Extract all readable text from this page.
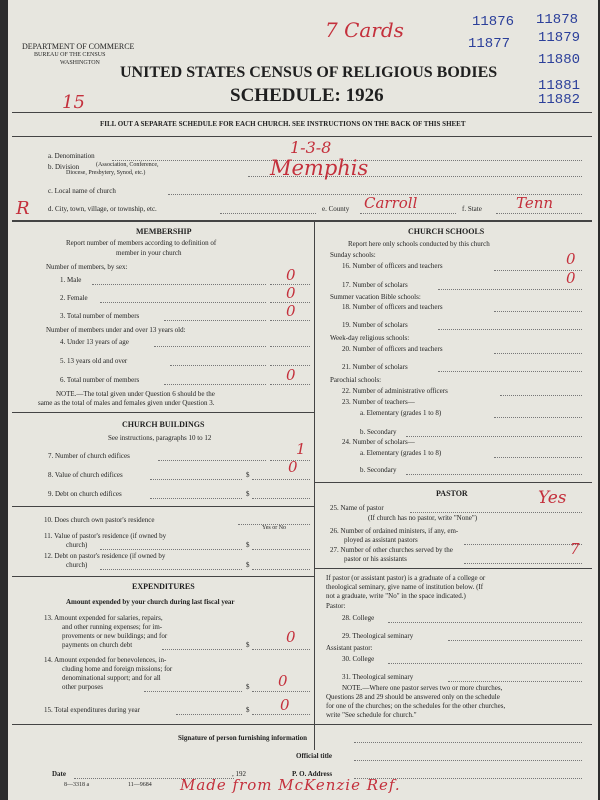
DEPARTMENT OF COMMERCE
BUREAU OF THE CENSUS
WASHINGTON
UNITED STATES CENSUS OF RELIGIOUS BODIES
SCHEDULE: 1926
FILL OUT A SEPARATE SCHEDULE FOR EACH CHURCH. SEE INSTRUCTIONS ON THE BACK OF THIS SHEET
7 Cards
15
R
11876
11877
11878
11879
11880
11881
11882
a. Denomination	1-3-8
b. Division	(Association, Conference,
Diocese, Presbytery, Synod, etc.)	Memphis
c. Local name of church
d. City, town, village, or township, etc.	e. County Carroll	f. State Tenn
MEMBERSHIP
Report number of members according to definition of
member in your church
Number of members, by sex:
1. Male	0
2. Female	0
3. Total number of members	0
Number of members under and over 13 years old:
4. Under 13 years of age
5. 13 years old and over
6. Total number of members	0
NOTE.—The total given under Question 6 should be the
same as the total of males and females given under Question 3.
CHURCH BUILDINGS
See instructions, paragraphs 10 to 12
7. Number of church edifices	1
8. Value of church edifices	$	0
9. Debt on church edifices	$
10. Does church own pastor's residence
Yes or No
11. Value of pastor's residence (if owned by
church)	$
12. Debt on pastor's residence (if owned by
church)	$
EXPENDITURES
Amount expended by your church during last fiscal year
13. Amount expended for salaries, repairs,
and other running expenses; for im-
provements or new buildings; and for
payments on church debt	$ 0
14. Amount expended for benevolences, in-
cluding home and foreign missions; for
denominational support; and for all
other purposes	$ 0
15. Total expenditures during year	$ 0
CHURCH SCHOOLS
Report here only schools conducted by this church
Sunday schools:
16. Number of officers and teachers	0
17. Number of scholars	0
Summer vacation Bible schools:
18. Number of officers and teachers
19. Number of scholars
Week-day religious schools:
20. Number of officers and teachers
21. Number of scholars
Parochial schools:
22. Number of administrative officers
23. Number of teachers—
a. Elementary (grades 1 to 8)
b. Secondary
24. Number of scholars—
a. Elementary (grades 1 to 8)
b. Secondary
PASTOR
25. Name of pastor	Yes
(If church has no pastor, write "None")
26. Number of ordained ministers, if any, em-
ployed as assistant pastors
27. Number of other churches served by the
pastor or his assistants
7
If pastor (or assistant pastor) is a graduate of a college or
theological seminary, give name of institution below. (If
not a graduate, write "No" in the space indicated.)
Pastor:
28. College
29. Theological seminary
Assistant pastor:
30. College
31. Theological seminary
NOTE.—Where one pastor serves two or more churches,
Questions 28 and 29 should be answered only on the schedule
for one of the churches; on the schedules for the other churches,
write "See schedule for church."
Signature of person furnishing information
Official title
Date	, 192	P. O. Address
8—3318 a	11—9684 Made from McKenzie Ref.
